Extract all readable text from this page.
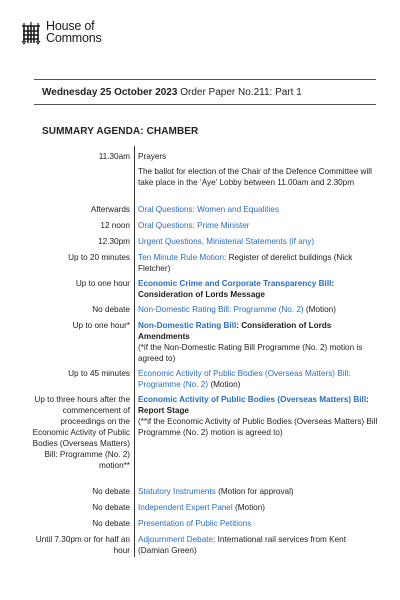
House of
Commons
Wednesday 25 October 2023 Order Paper No.211: Part 1
SUMMARY AGENDA: CHAMBER
11.30am Prayers
The ballot for election of the Chair of the Defence Committee will take place in the ‘Aye’ Lobby between 11.00am and 2.30pm
Afterwards Oral Questions: Women and Equalities
12 noon Oral Questions: Prime Minister
12.30pm Urgent Questions, Ministerial Statements (if any)
Up to 20 minutes Ten Minute Rule Motion: Register of derelict buildings (Nick Fletcher)
Up to one hour Economic Crime and Corporate Transparency Bill: Consideration of Lords Message
No debate Non-Domestic Rating Bill: Programme (No. 2) (Motion)
Up to one hour* Non-Domestic Rating Bill: Consideration of Lords Amendments
(*if the Non-Domestic Rating Bill Programme (No. 2) motion is agreed to)
Up to 45 minutes Economic Activity of Public Bodies (Overseas Matters) Bill: Programme (No. 2) (Motion)
Up to three hours after the commencement of proceedings on the Economic Activity of Public Bodies (Overseas Matters) Bill: Programme (No. 2) motion**
Economic Activity of Public Bodies (Overseas Matters) Bill: Report Stage
(**if the Economic Activity of Public Bodies (Overseas Matters) Bill Programme (No. 2) motion is agreed to)
No debate Statutory Instruments (Motion for approval)
No debate Independent Expert Panel (Motion)
No debate Presentation of Public Petitions
Until 7.30pm or for half an hour
Adjournment Debate: International rail services from Kent (Damian Green)
